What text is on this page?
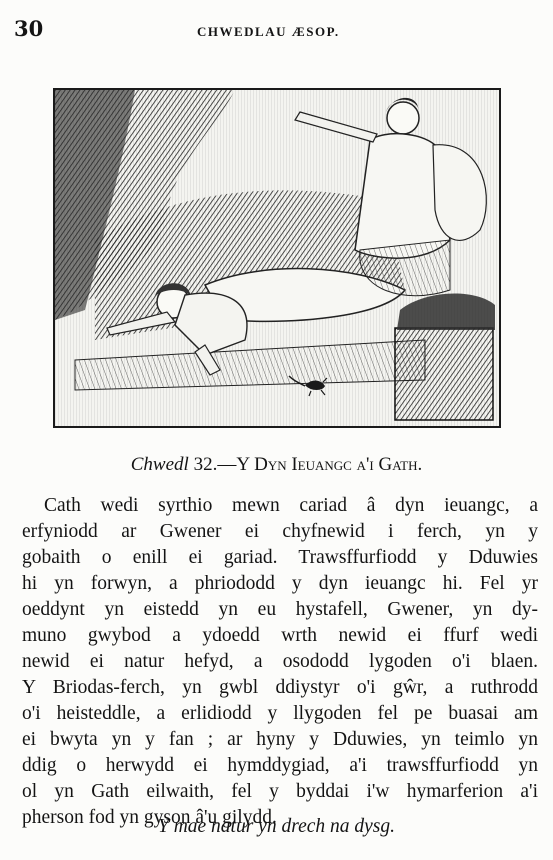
30	CHWEDLAU ÆSOP.
Chwedl 32.—Y Dyn Ieuangc a'i Gath.
Cath wedi syrthio mewn cariad â dyn ieuangc, a
erfyniodd ar Gwener ei chyfnewid i ferch, yn y
gobaith o enill ei gariad. Trawsffurfiodd y Dduwies
hi yn forwyn, a phriododd y dyn ieuangc hi. Fel yr
oeddynt yn eistedd yn eu hystafell, Gwener, yn dy-
muno gwybod a ydoedd wrth newid ei ffurf wedi
newid ei natur hefyd, a osododd lygoden o'i blaen.
Y Briodas-ferch, yn gwbl ddiystyr o'i gŵr, a ruthrodd
o'i heisteddle, a erlidiodd y llygoden fel pe buasai am
ei bwyta yn y fan ; ar hyny y Dduwies, yn teimlo yn
ddig o herwydd ei hymddygiad, a'i trawsffurfiodd yn
ol yn Gath eilwaith, fel y byddai i'w hymarferion a'i
pherson fod yn gyson â'u gilydd.
Y mae natur yn drech na dysg.
